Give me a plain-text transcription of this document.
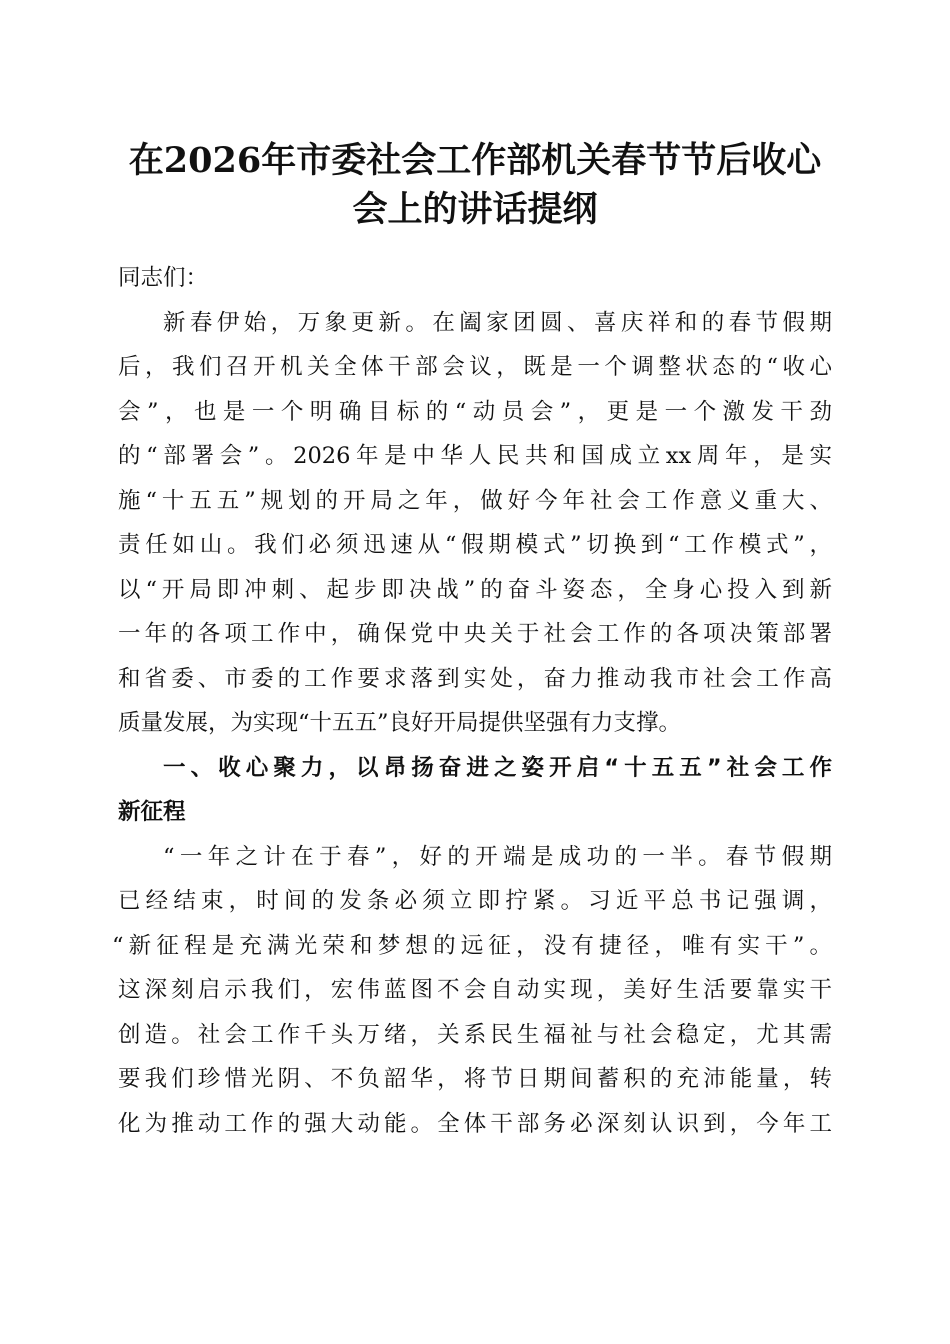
在2026年市委社会工作部机关春节节后收心
会上的讲话提纲
同志们：
新春伊始，万象更新。在阖家团圆、喜庆祥和的春节假期
后，我们召开机关全体干部会议，既是一个调整状态的“收心
会”，也是一个明确目标的“动员会”，更是一个激发干劲
的“部署会”。2026年是中华人民共和国成立xx周年，是实
施“十五五”规划的开局之年，做好今年社会工作意义重大、
责任如山。我们必须迅速从“假期模式”切换到“工作模式”，
以“开局即冲刺、起步即决战”的奋斗姿态，全身心投入到新
一年的各项工作中，确保党中央关于社会工作的各项决策部署
和省委、市委的工作要求落到实处，奋力推动我市社会工作高
质量发展，为实现“十五五”良好开局提供坚强有力支撑。
一、收心聚力，以昂扬奋进之姿开启“十五五”社会工作
新征程
“一年之计在于春”，好的开端是成功的一半。春节假期
已经结束，时间的发条必须立即拧紧。习近平总书记强调，
“新征程是充满光荣和梦想的远征，没有捷径，唯有实干”。
这深刻启示我们，宏伟蓝图不会自动实现，美好生活要靠实干
创造。社会工作千头万绪，关系民生福祉与社会稳定，尤其需
要我们珍惜光阴、不负韶华，将节日期间蓄积的充沛能量，转
化为推动工作的强大动能。全体干部务必深刻认识到，今年工
